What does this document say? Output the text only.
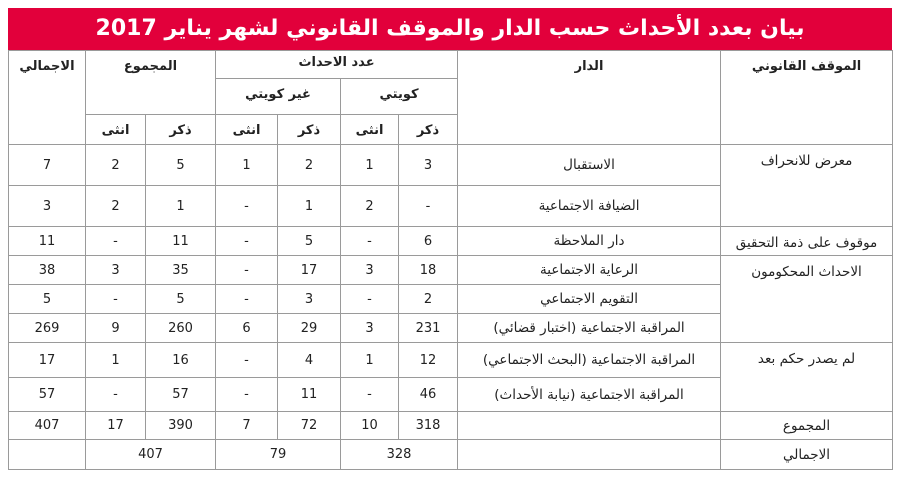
بيان بعدد الأحداث حسب الدار والموقف القانوني لشهر يناير 2017
الموقف القانوني	الدار	عدد الاحداث				المجموع		الاجمالي
		كويتي		غير كويتي				
		ذكر	انثى	ذكر	انثى	ذكر	انثى	
معرض للانحراف	الاستقبال	3	1	2	1	5	2	7
	الضيافة الاجتماعية	-	2	1	-	1	2	3
موقوف على ذمة التحقيق	دار الملاحظة	6	-	5	-	11	-	11
الاحداث المحكومون	الرعاية الاجتماعية	18	3	17	-	35	3	38
	التقويم الاجتماعي	2	-	3	-	5	-	5
	المراقبة الاجتماعية (اختبار قضائي)	231	3	29	6	260	9	269
لم يصدر حكم بعد	المراقبة الاجتماعية (البحث الاجتماعي)	12	1	4	-	16	1	17
	المراقبة الاجتماعية (نيابة الأحداث)	46	-	11	-	57	-	57
المجموع		318	10	72	7	390	17	407
الاجمالي		328		79		407		
